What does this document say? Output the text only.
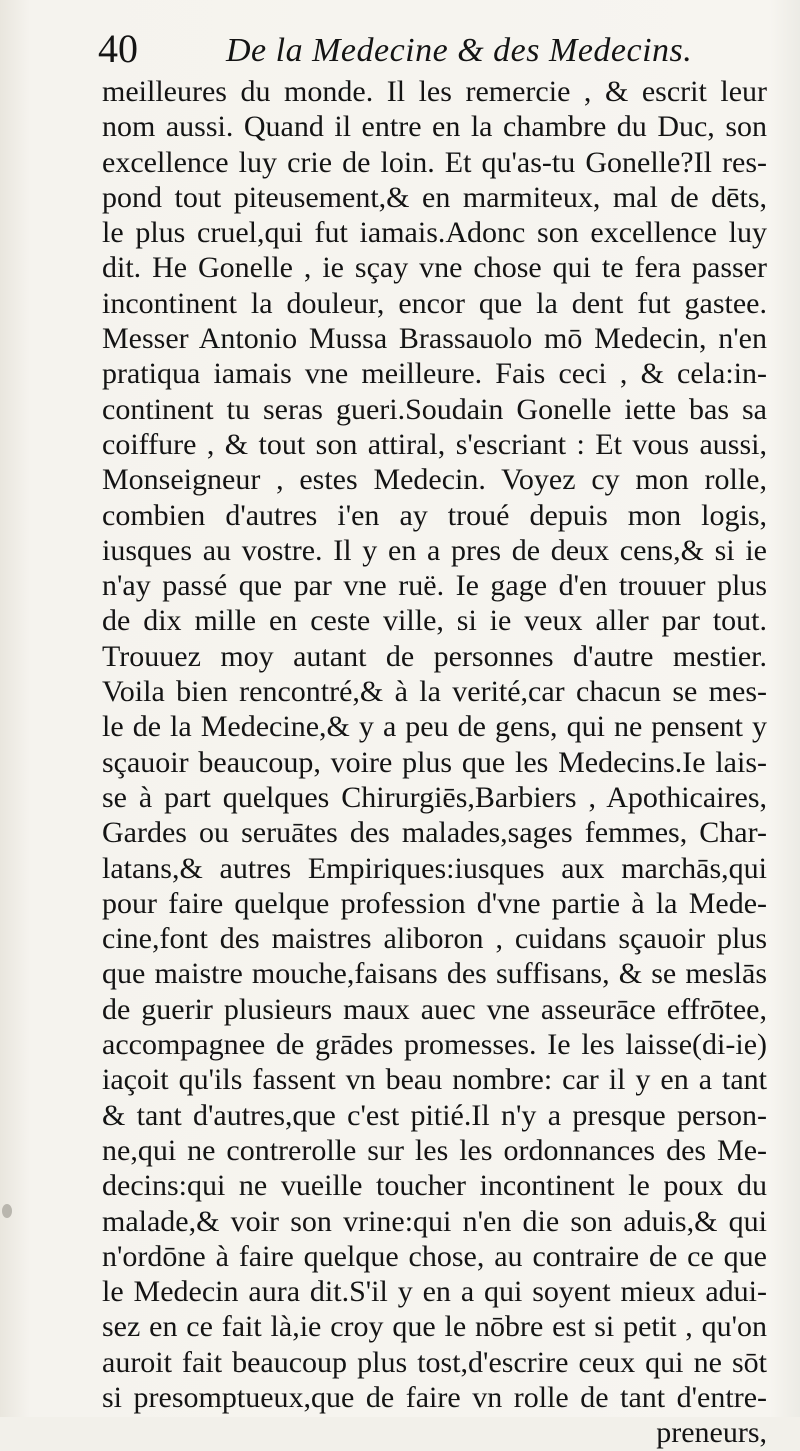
40	De la Medecine & des Medecins.
meilleures du monde. Il les remercie , & escrit leur
nom aussi. Quand il entre en la chambre du Duc, son
excellence luy crie de loin. Et qu'as-tu Gonelle?Il res-
pond tout piteusement,& en marmiteux, mal de dēts,
le plus cruel,qui fut iamais.Adonc son excellence luy
dit. He Gonelle , ie sçay vne chose qui te fera passer
incontinent la douleur, encor que la dent fut gastee.
Messer Antonio Mussa Brassauolo mō Medecin, n'en
pratiqua iamais vne meilleure. Fais ceci , & cela:in-
continent tu seras gueri.Soudain Gonelle iette bas sa
coiffure , & tout son attiral, s'escriant : Et vous aussi,
Monseigneur , estes Medecin. Voyez cy mon rolle,
combien d'autres i'en ay troué depuis mon logis,
iusques au vostre. Il y en a pres de deux cens,& si ie
n'ay passé que par vne ruë. Ie gage d'en trouuer plus
de dix mille en ceste ville, si ie veux aller par tout.
Trouuez moy autant de personnes d'autre mestier.
Voila bien rencontré,& à la verité,car chacun se mes-
le de la Medecine,& y a peu de gens, qui ne pensent y
sçauoir beaucoup, voire plus que les Medecins.Ie lais-
se à part quelques Chirurgiēs,Barbiers , Apothicaires,
Gardes ou seruātes des malades,sages femmes, Char-
latans,& autres Empiriques:iusques aux marchās,qui
pour faire quelque profession d'vne partie à la Mede-
cine,font des maistres aliboron , cuidans sçauoir plus
que maistre mouche,faisans des suffisans, & se meslās
de guerir plusieurs maux auec vne asseurāce effrōtee,
accompagnee de grādes promesses. Ie les laisse(di-ie)
iaçoit qu'ils fassent vn beau nombre: car il y en a tant
& tant d'autres,que c'est pitié.Il n'y a presque person-
ne,qui ne contrerolle sur les les ordonnances des Me-
decins:qui ne vueille toucher incontinent le poux du
malade,& voir son vrine:qui n'en die son aduis,& qui
n'ordōne à faire quelque chose, au contraire de ce que
le Medecin aura dit.S'il y en a qui soyent mieux adui-
sez en ce fait là,ie croy que le nōbre est si petit , qu'on
auroit fait beaucoup plus tost,d'escrire ceux qui ne sōt
si presomptueux,que de faire vn rolle de tant d'entre-
preneurs,
